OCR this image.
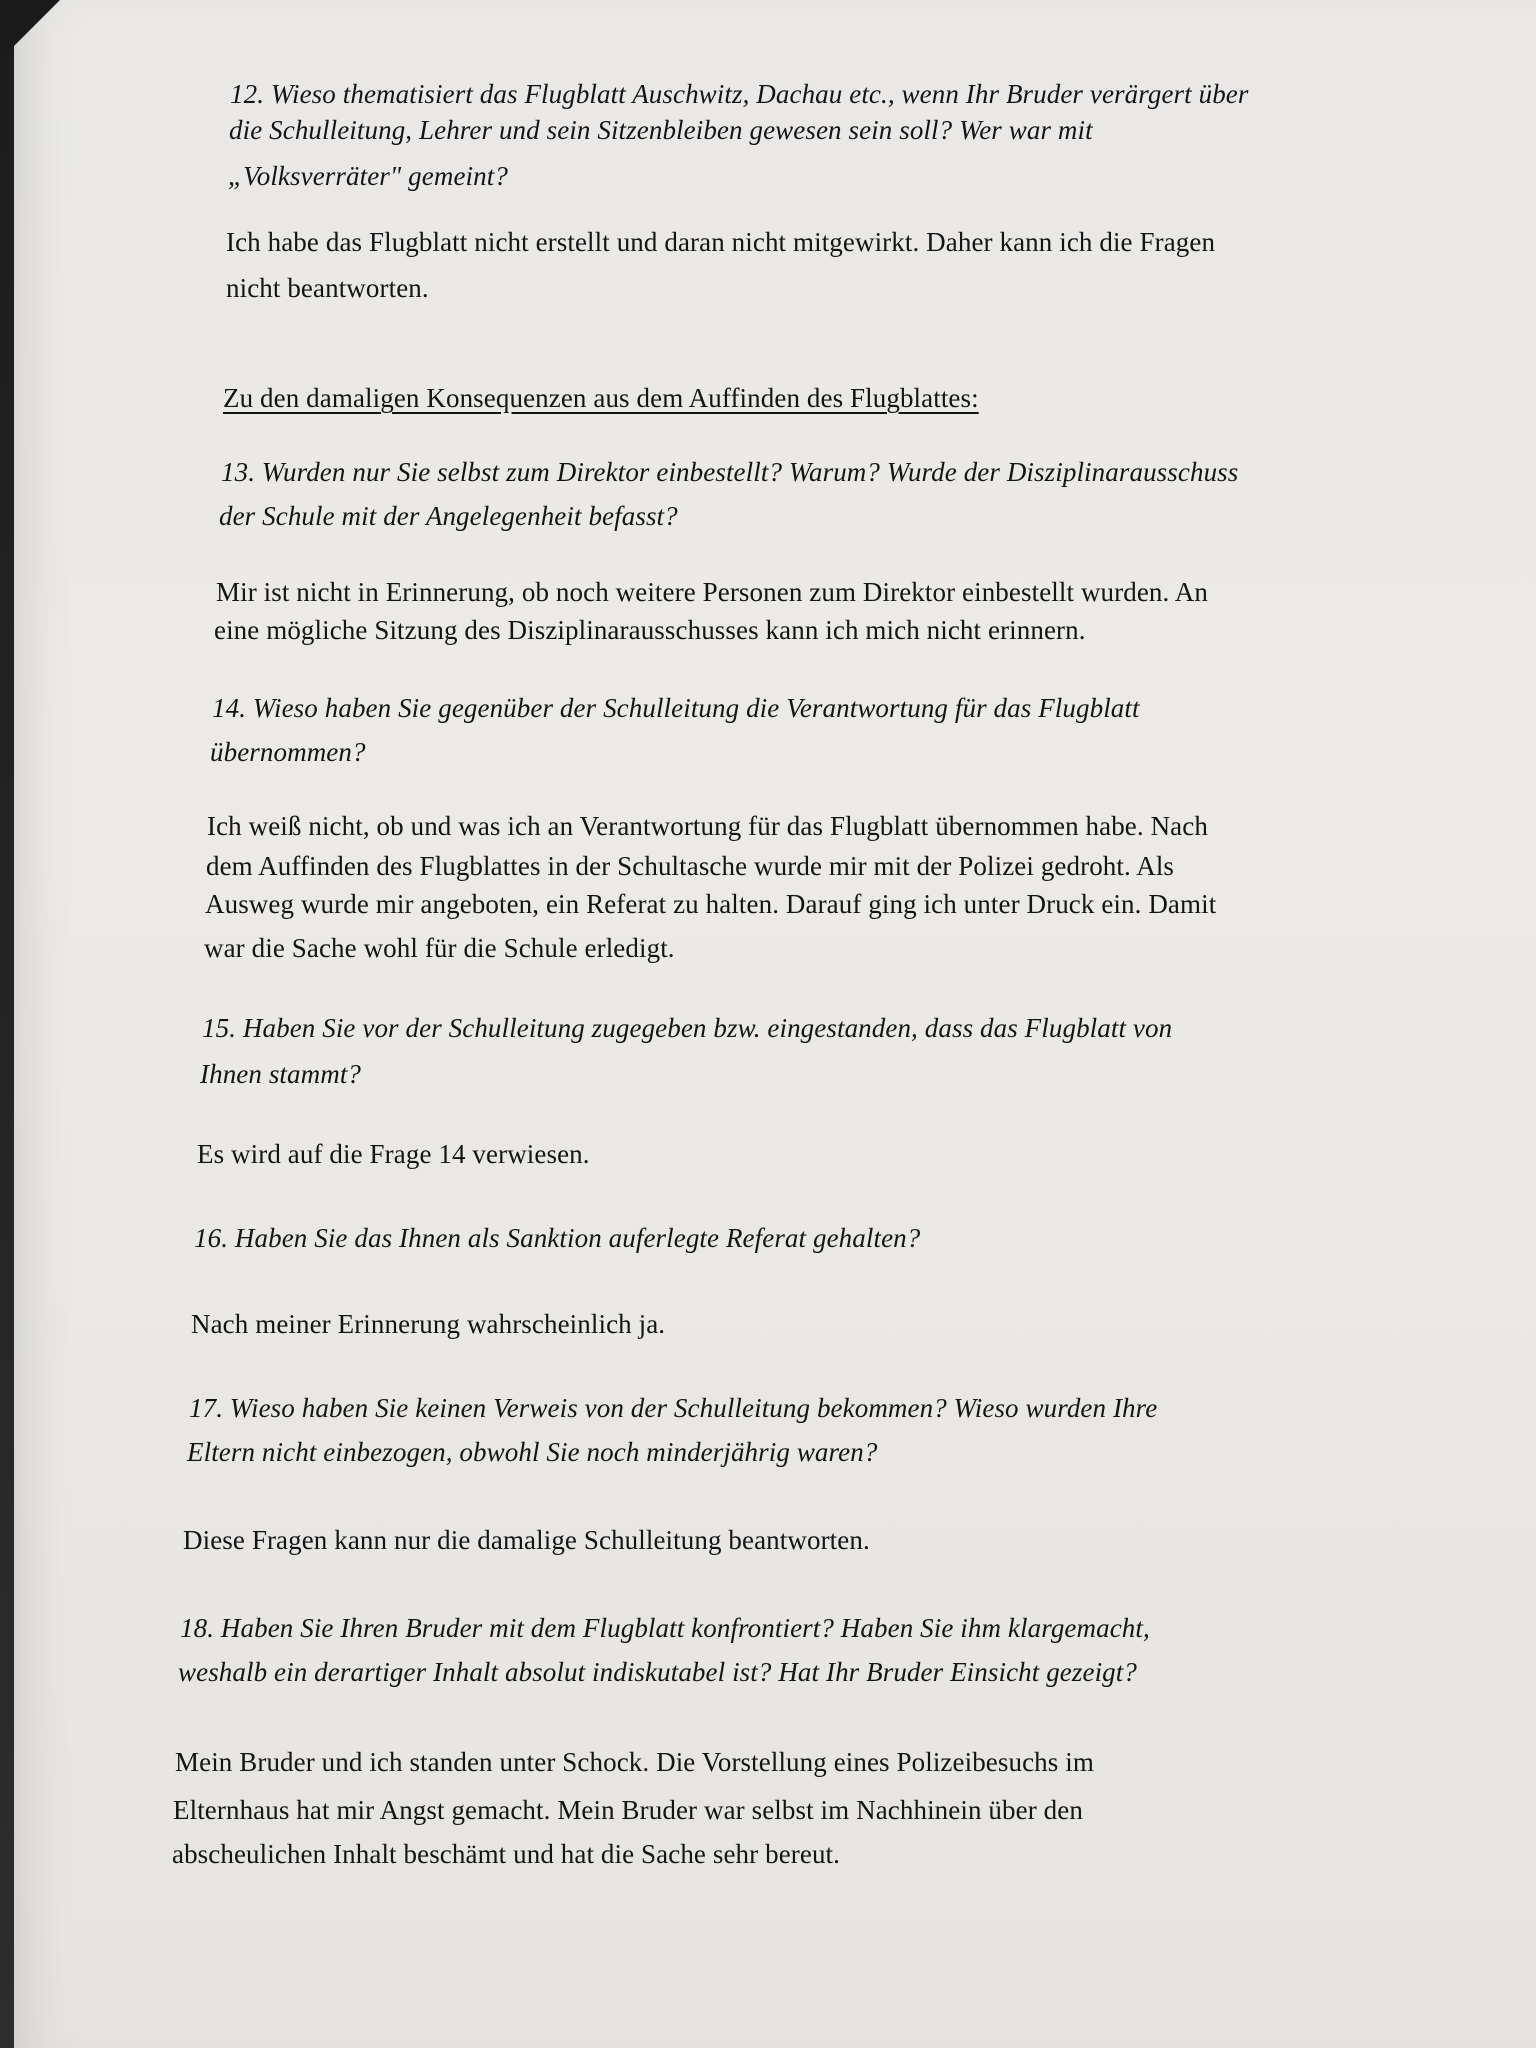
12. Wieso thematisiert das Flugblatt Auschwitz, Dachau etc., wenn Ihr Bruder verärgert über
die Schulleitung, Lehrer und sein Sitzenbleiben gewesen sein soll? Wer war mit
„Volksverräter" gemeint?
Ich habe das Flugblatt nicht erstellt und daran nicht mitgewirkt. Daher kann ich die Fragen
nicht beantworten.
Zu den damaligen Konsequenzen aus dem Auffinden des Flugblattes:
13. Wurden nur Sie selbst zum Direktor einbestellt? Warum? Wurde der Disziplinarausschuss
der Schule mit der Angelegenheit befasst?
Mir ist nicht in Erinnerung, ob noch weitere Personen zum Direktor einbestellt wurden. An
eine mögliche Sitzung des Disziplinarausschusses kann ich mich nicht erinnern.
14. Wieso haben Sie gegenüber der Schulleitung die Verantwortung für das Flugblatt
übernommen?
Ich weiß nicht, ob und was ich an Verantwortung für das Flugblatt übernommen habe. Nach
dem Auffinden des Flugblattes in der Schultasche wurde mir mit der Polizei gedroht. Als
Ausweg wurde mir angeboten, ein Referat zu halten. Darauf ging ich unter Druck ein. Damit
war die Sache wohl für die Schule erledigt.
15. Haben Sie vor der Schulleitung zugegeben bzw. eingestanden, dass das Flugblatt von
Ihnen stammt?
Es wird auf die Frage 14 verwiesen.
16. Haben Sie das Ihnen als Sanktion auferlegte Referat gehalten?
Nach meiner Erinnerung wahrscheinlich ja.
17. Wieso haben Sie keinen Verweis von der Schulleitung bekommen? Wieso wurden Ihre
Eltern nicht einbezogen, obwohl Sie noch minderjährig waren?
Diese Fragen kann nur die damalige Schulleitung beantworten.
18. Haben Sie Ihren Bruder mit dem Flugblatt konfrontiert? Haben Sie ihm klargemacht,
weshalb ein derartiger Inhalt absolut indiskutabel ist? Hat Ihr Bruder Einsicht gezeigt?
Mein Bruder und ich standen unter Schock. Die Vorstellung eines Polizeibesuchs im
Elternhaus hat mir Angst gemacht. Mein Bruder war selbst im Nachhinein über den
abscheulichen Inhalt beschämt und hat die Sache sehr bereut.
